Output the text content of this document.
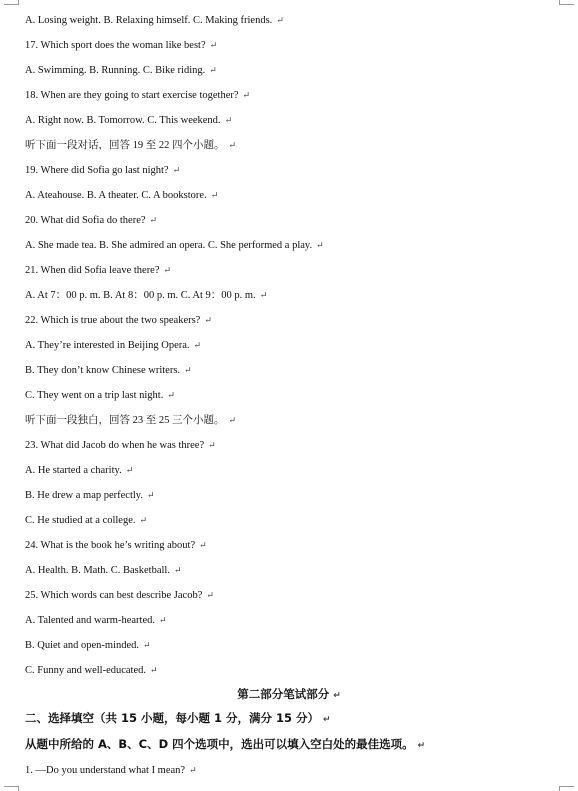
A. Losing weight. B. Relaxing himself. C. Making friends. ↵
17. Which sport does the woman like best? ↵
A. Swimming. B. Running. C. Bike riding. ↵
18. When are they going to start exercise together? ↵
A. Right now. B. Tomorrow. C. This weekend. ↵
听下面一段对话，回答 19 至 22 四个小题。 ↵
19. Where did Sofia go last night? ↵
A. Ateahouse. B. A theater. C. A bookstore. ↵
20. What did Sofia do there? ↵
A. She made tea. B. She admired an opera. C. She performed a play. ↵
21. When did Sofia leave there? ↵
A. At 7：00 p. m. B. At 8：00 p. m. C. At 9：00 p. m. ↵
22. Which is true about the two speakers? ↵
A. They’re interested in Beijing Opera. ↵
B. They don’t know Chinese writers. ↵
C. They went on a trip last night. ↵
听下面一段独白，回答 23 至 25 三个小题。 ↵
23. What did Jacob do when he was three? ↵
A. He started a charity. ↵
B. He drew a map perfectly. ↵
C. He studied at a college. ↵
24. What is the book he’s writing about? ↵
A. Health. B. Math. C. Basketball. ↵
25. Which words can best describe Jacob? ↵
A. Talented and warm-hearted. ↵
B. Quiet and open-minded. ↵
C. Funny and well-educated. ↵
第二部分笔试部分 ↵
二、选择填空（共 15 小题，每小题 1 分，满分 15 分） ↵
从题中所给的 A、B、C、D 四个选项中，选出可以填入空白处的最佳选项。 ↵
1. —Do you understand what I mean? ↵
